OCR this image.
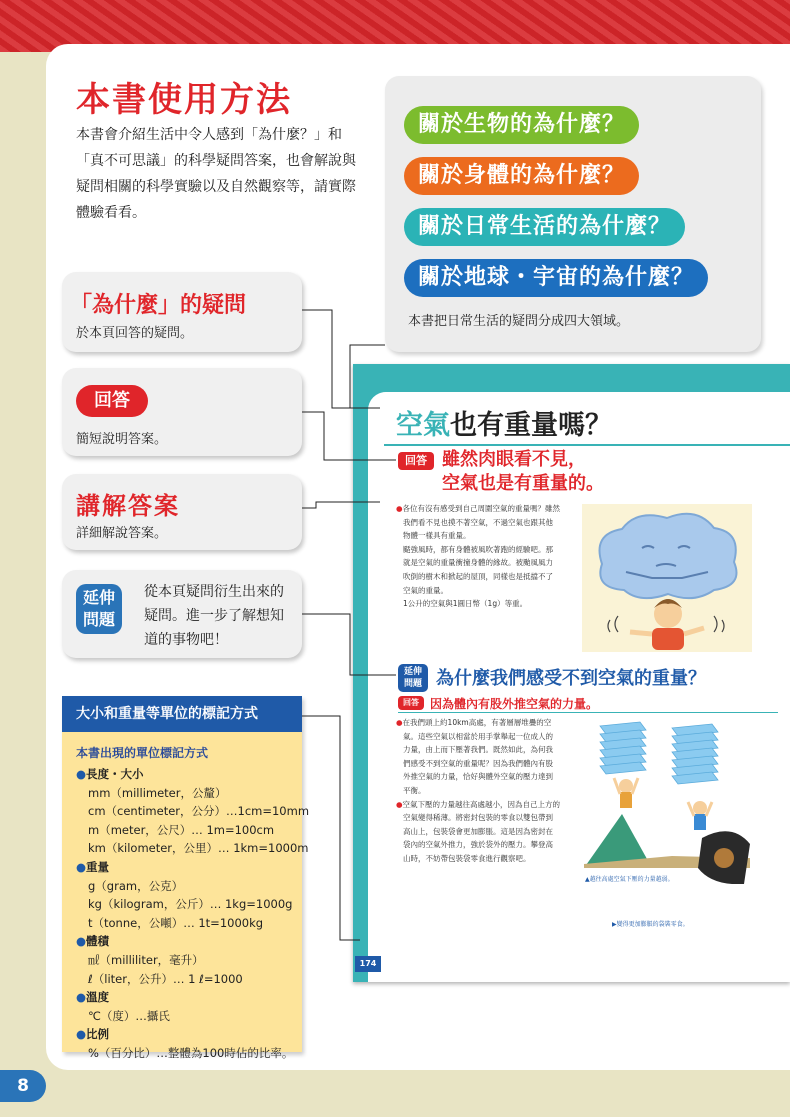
8
本書使用方法
本書會介紹生活中令人感到「為什麼？」和「真不可思議」的科學疑問答案，也會解說與疑問相關的科學實驗以及自然觀察等，請實際體驗看看。
關於生物的為什麼？
關於身體的為什麼？
關於日常生活的為什麼？
關於地球・宇宙的為什麼？
本書把日常生活的疑問分成四大領域。
「為什麼」的疑問
於本頁回答的疑問。
回答
簡短說明答案。
講解答案
詳細解說答案。
延伸
問題
從本頁疑問衍生出來的疑問。進一步了解想知道的事物吧！
大小和重量等單位的標記方式
本書出現的單位標記方式
●長度・大小
mm（millimeter，公釐）
cm（centimeter，公分）…1cm=10mm
m（meter，公尺）… 1m=100cm
km（kilometer，公里）… 1km=1000m
●重量
g（gram，公克）
kg（kilogram，公斤）… 1kg=1000g
t（tonne，公噸）… 1t=1000kg
●體積
㎖（milliliter，毫升）
ℓ（liter，公升）… 1 ℓ=1000
●溫度
℃（度）…攝氏
●比例
%（百分比）…整體為100時佔的比率。
空氣也有重量嗎？
回答 雖然肉眼看不見，
空氣也是有重量的。
●各位有沒有感受到自己周圍空氣的重量嗎？雖然
我們看不見也摸不著空氣，不過空氣也跟其他
物體一樣具有重量。
颳強風時，都有身體被風吹著跑的經驗吧。那
就是空氣的重量衝撞身體的緣故。被颱風風力
吹倒的樹木和掀起的屋頂，同樣也是抵擋不了
空氣的重量。
1公升的空氣與1圓日幣（1g）等重。
延伸
問題 為什麼我們感受不到空氣的重量？
回答 因為體內有股外推空氣的力量。
●在我們頭上約10km高處，有著層層堆疊的空
氣。這些空氣以相當於用手掌舉起一位成人的
力量，由上而下壓著我們。既然如此，為何我
們感受不到空氣的重量呢？因為我們體內有股
外推空氣的力量，恰好與體外空氣的壓力達到
平衡。
●空氣下壓的力量越往高處越小，因為自己上方的
空氣變得稀薄。將密封包裝的零食以雙包帶到
高山上，包裝袋會更加膨脹。這是因為密封在
袋內的空氣外推力，強於袋外的壓力。攀登高
山時，不妨帶包裝袋零食進行觀察吧。
▲越往高處空氣下壓的力量越弱。
▶變得更加膨脹的袋裝零食。
174
